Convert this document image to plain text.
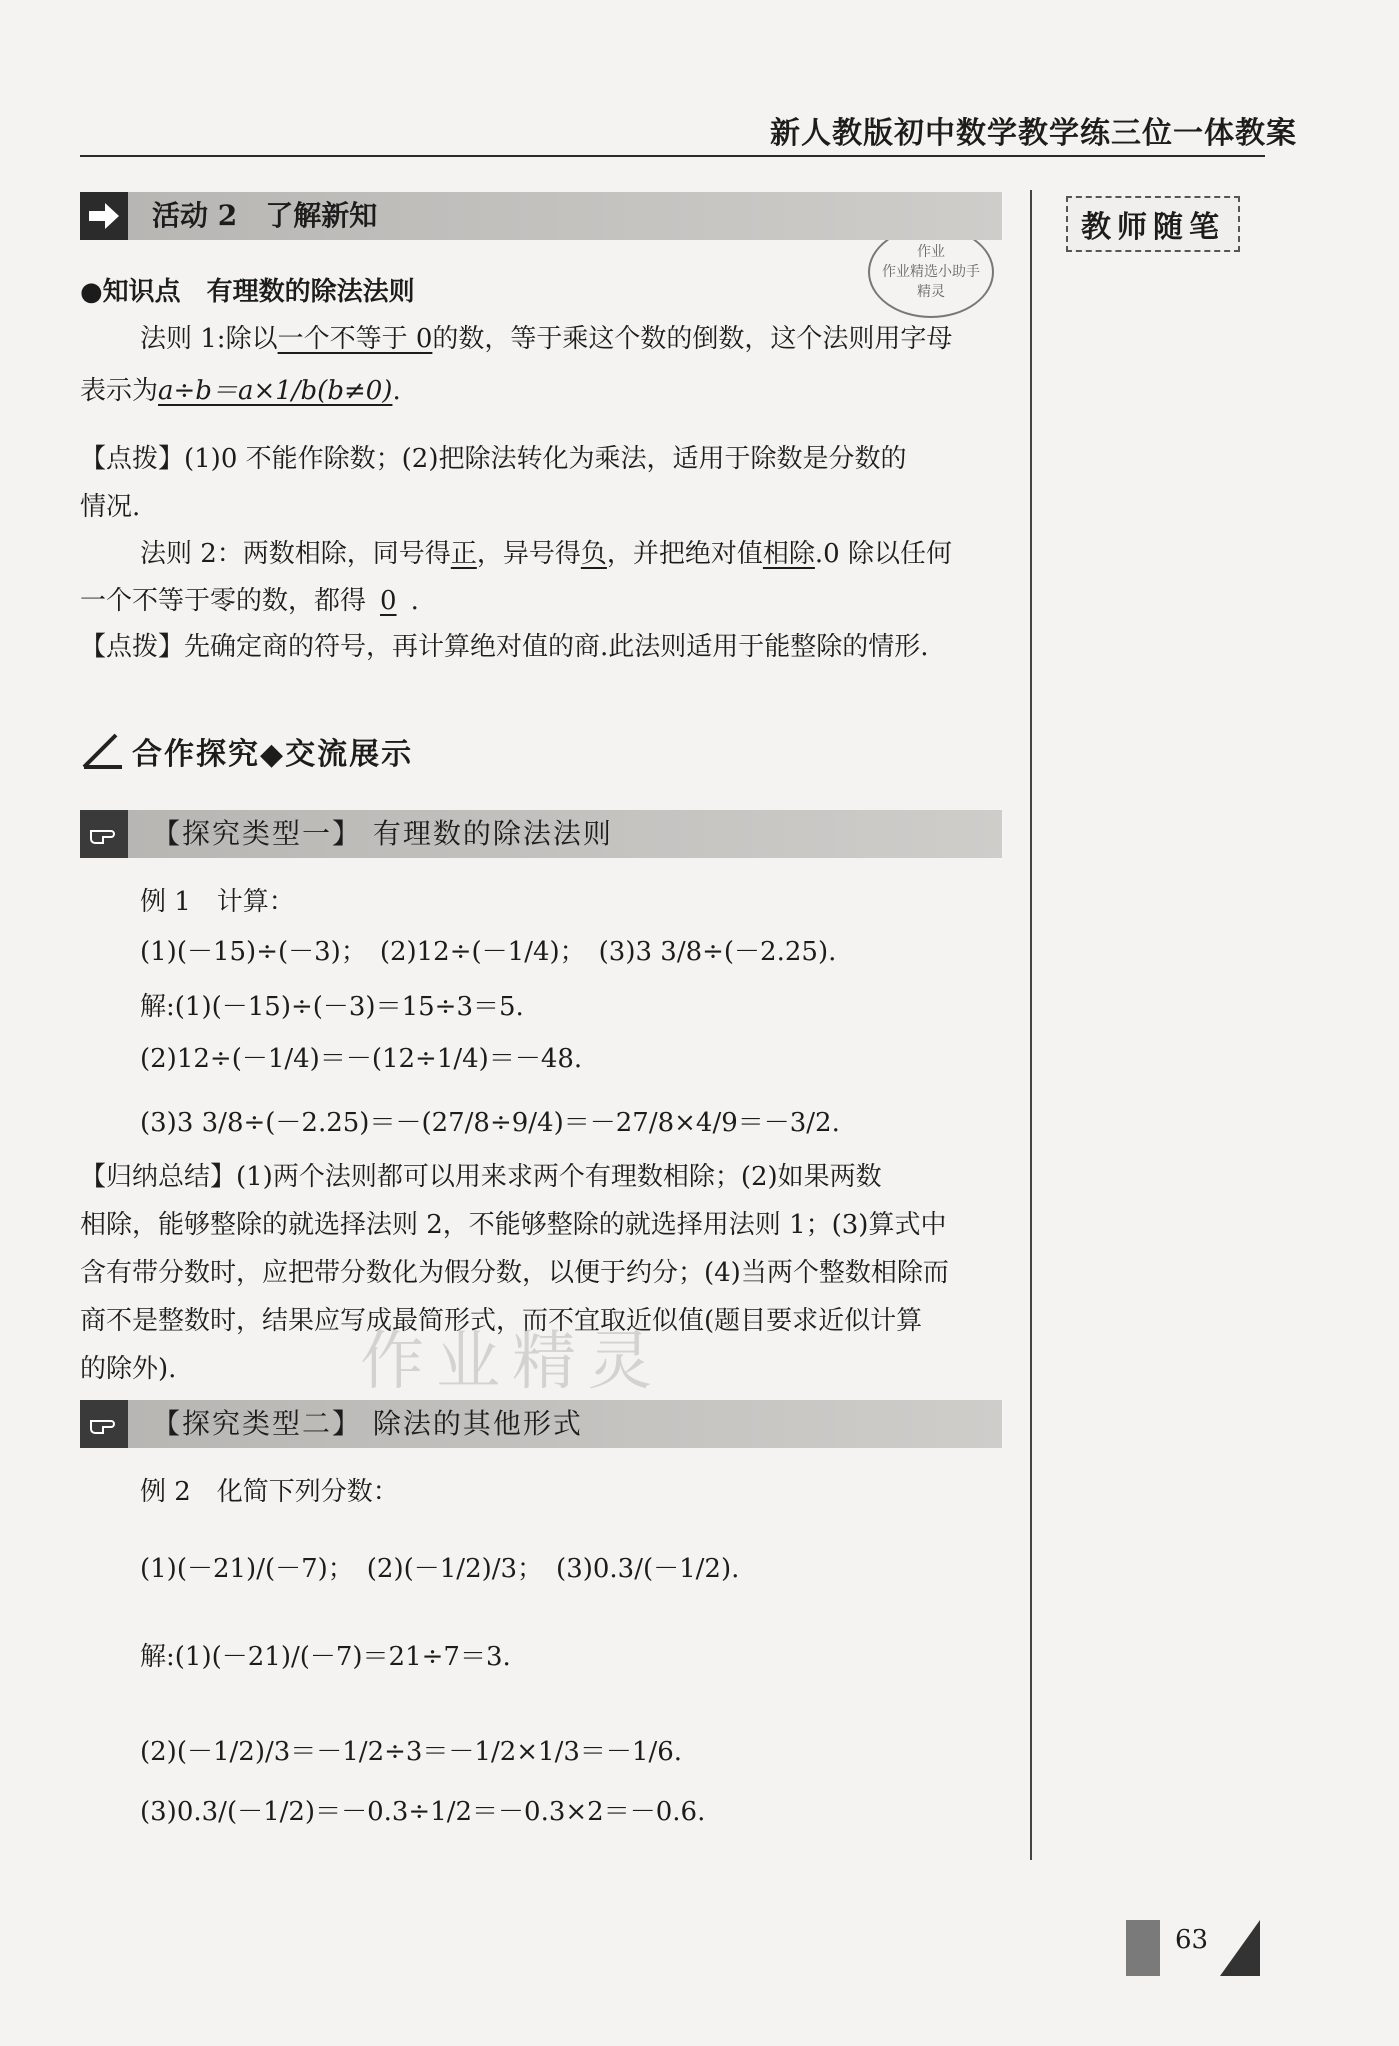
新人教版初中数学教学练三位一体教案
教师随笔
作业
作业精选小助手
精灵
活动 2　了解新知
●知识点　有理数的除法法则
法则 1:除以一个不等于 0的数，等于乘这个数的倒数，这个法则用字母
表示为a÷b＝a×1/b(b≠0).
【点拨】(1)0 不能作除数；(2)把除法转化为乘法，适用于除数是分数的
情况.
法则 2：两数相除，同号得正，异号得负，并把绝对值相除.0 除以任何
一个不等于零的数，都得 0 .
【点拨】先确定商的符号，再计算绝对值的商.此法则适用于能整除的情形.
合作探究◆交流展示
【探究类型一】 有理数的除法法则
例 1　计算：
(1)(－15)÷(－3)；　(2)12÷(－1/4)；　(3)3 3/8÷(－2.25).
解:(1)(－15)÷(－3)＝15÷3＝5.
(2)12÷(－1/4)＝－(12÷1/4)＝－48.
(3)3 3/8÷(－2.25)＝－(27/8÷9/4)＝－27/8×4/9＝－3/2.
【归纳总结】(1)两个法则都可以用来求两个有理数相除；(2)如果两数
相除，能够整除的就选择法则 2，不能够整除的就选择用法则 1；(3)算式中
含有带分数时，应把带分数化为假分数，以便于约分；(4)当两个整数相除而
商不是整数时，结果应写成最简形式，而不宜取近似值(题目要求近似计算
的除外).
【探究类型二】 除法的其他形式
例 2　化简下列分数：
(1)(－21)/(－7)；　(2)(－1/2)/3；　(3)0.3/(－1/2).
解:(1)(－21)/(－7)＝21÷7＝3.
(2)(－1/2)/3＝－1/2÷3＝－1/2×1/3＝－1/6.
(3)0.3/(－1/2)＝－0.3÷1/2＝－0.3×2＝－0.6.
作业精灵
63
